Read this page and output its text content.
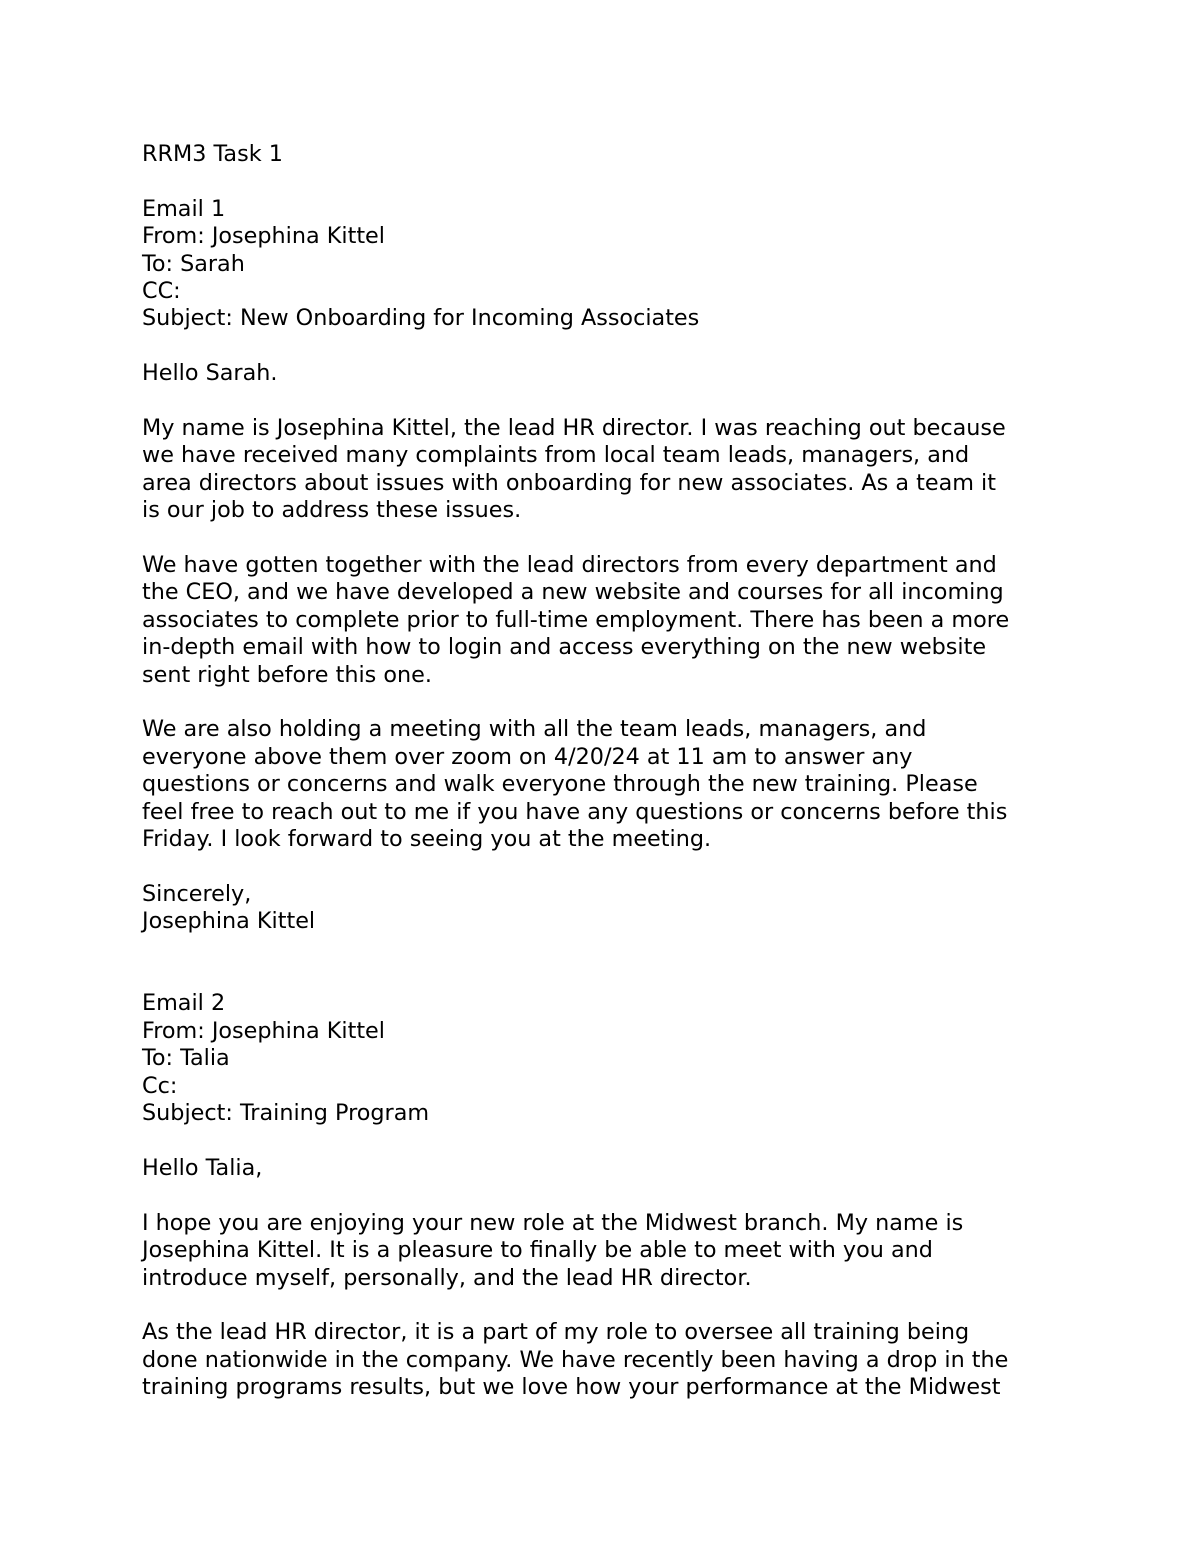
RRM3 Task 1
Email 1
From: Josephina Kittel
To: Sarah
CC:
Subject: New Onboarding for Incoming Associates
Hello Sarah.
My name is Josephina Kittel, the lead HR director. I was reaching out because
we have received many complaints from local team leads, managers, and
area directors about issues with onboarding for new associates. As a team it
is our job to address these issues.
We have gotten together with the lead directors from every department and
the CEO, and we have developed a new website and courses for all incoming
associates to complete prior to full-time employment. There has been a more
in-depth email with how to login and access everything on the new website
sent right before this one.
We are also holding a meeting with all the team leads, managers, and
everyone above them over zoom on 4/20/24 at 11 am to answer any
questions or concerns and walk everyone through the new training. Please
feel free to reach out to me if you have any questions or concerns before this
Friday. I look forward to seeing you at the meeting.
Sincerely,
Josephina Kittel
Email 2
From: Josephina Kittel
To: Talia
Cc:
Subject: Training Program
Hello Talia,
I hope you are enjoying your new role at the Midwest branch. My name is
Josephina Kittel. It is a pleasure to finally be able to meet with you and
introduce myself, personally, and the lead HR director.
As the lead HR director, it is a part of my role to oversee all training being
done nationwide in the company. We have recently been having a drop in the
training programs results, but we love how your performance at the Midwest
